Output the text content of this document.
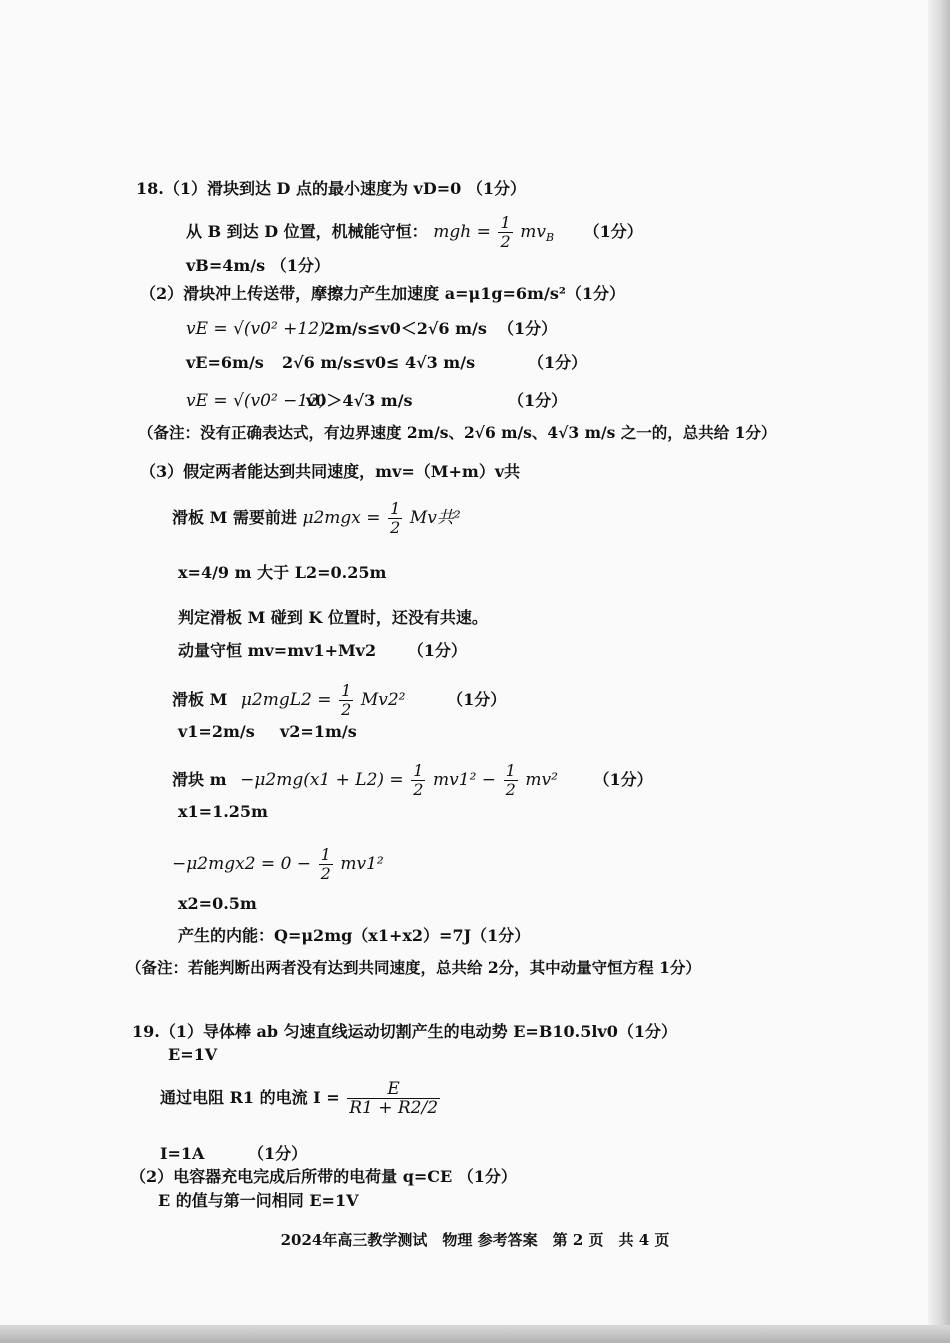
18.（1）滑块到达 D 点的最小速度为 vD=0 （1分）
从 B 到达 D 位置，机械能守恒： mgh = $\frac{1}{2} mv_B$ （1分）
vB=4m/s （1分）
（2）滑块冲上传送带，摩擦力产生加速度 a=μ1g=6m/s²（1分）
vE = √(v0² +12)
2m/s≤v0＜2√6 m/s （1分）
vE=6m/s 2√6 m/s≤v0≤ 4√3 m/s	（1分）
vE = √(v0² −12)
v0＞4√3 m/s	（1分）
（备注：没有正确表达式，有边界速度 2m/s、2√6 m/s、4√3 m/s 之一的，总共给 1分）
（3）假定两者能达到共同速度，mv=（M+m）v共
滑板 M 需要前进 $\mu 2mgx = \frac{1}{2}$ Mv共²
x=4/9 m 大于 L2=0.25m
判定滑板 M 碰到 K 位置时，还没有共速。
动量守恒 mv=mv1+Mv2 （1分）
滑板 M $\mu 2mgL2 = \frac{1}{2} Mv2^2$	（1分）
v1=2m/s v2=1m/s
滑块 $m -\mu 2mg(x1 + L2) = \frac{1}{2} mv1^2 - \frac{1}{2} mv^2$ （1分）
x1=1.25m
$-\mu 2mgx2 = 0 - \frac{1}{2} mv1^2$
x2=0.5m
产生的内能：Q=μ2mg（x1+x2）=7J（1分）
（备注：若能判断出两者没有达到共同速度，总共给 2分，其中动量守恒方程 1分）
19.（1）导体棒 ab 匀速直线运动切割产生的电动势 E=B10.5lv0（1分）
E=1V
通过电阻 R1 的电流 $I = \frac{E}{R1 + R2/2}$
I=1A	（1分）
（2）电容器充电完成后所带的电荷量 q=CE （1分）
E 的值与第一问相同 E=1V
2024年高三教学测试　物理 参考答案　第 2 页　共 4 页
